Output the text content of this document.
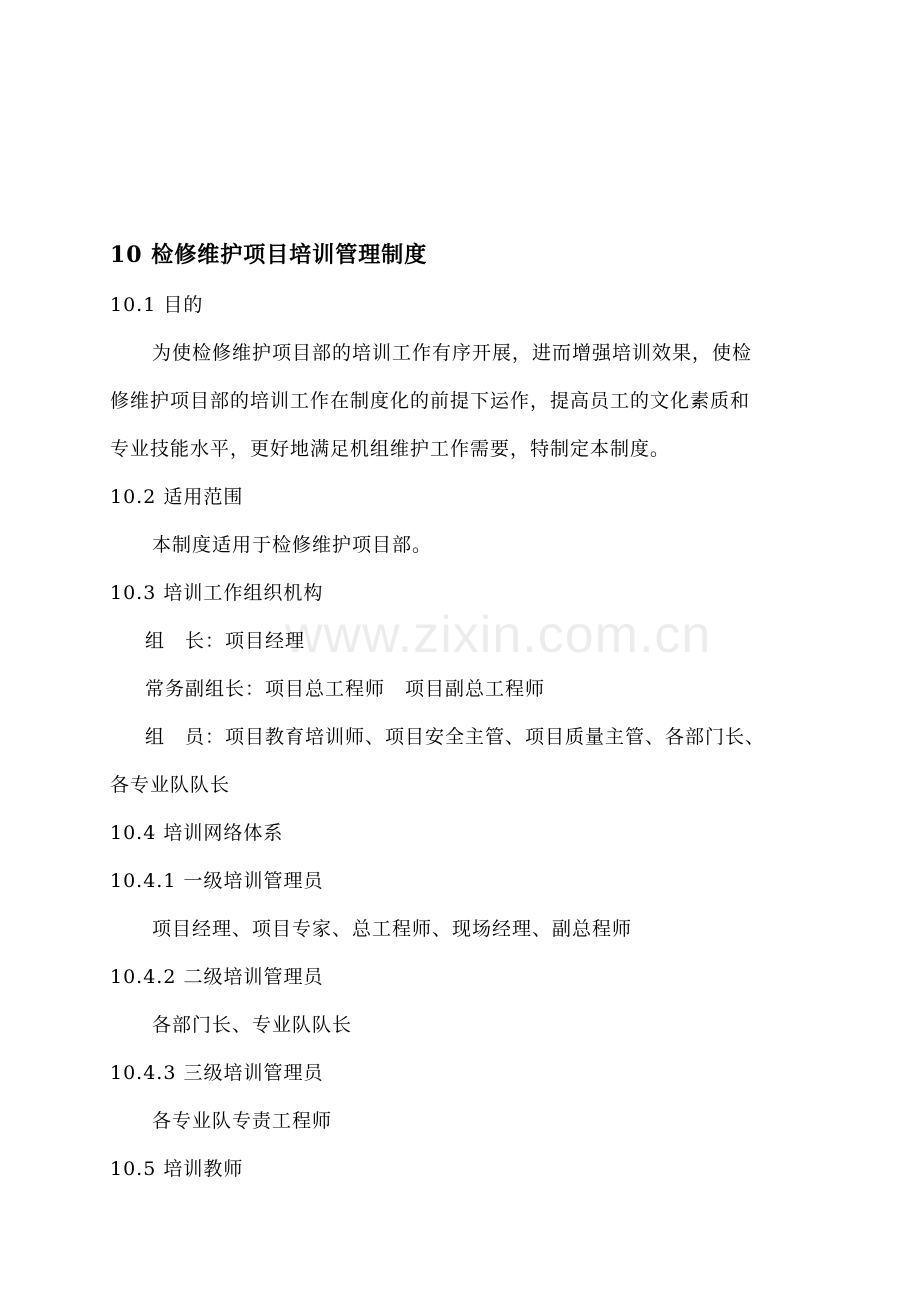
www.zixin.com.cn
10 检修维护项目培训管理制度
10.1 目的
为使检修维护项目部的培训工作有序开展，进而增强培训效果，使检
修维护项目部的培训工作在制度化的前提下运作，提高员工的文化素质和
专业技能水平，更好地满足机组维护工作需要，特制定本制度。
10.2 适用范围
本制度适用于检修维护项目部。
10.3 培训工作组织机构
组　长：项目经理
常务副组长：项目总工程师　项目副总工程师
组　员：项目教育培训师、项目安全主管、项目质量主管、各部门长、
各专业队队长
10.4 培训网络体系
10.4.1 一级培训管理员
项目经理、项目专家、总工程师、现场经理、副总程师
10.4.2 二级培训管理员
各部门长、专业队队长
10.4.3 三级培训管理员
各专业队专责工程师
10.5 培训教师
